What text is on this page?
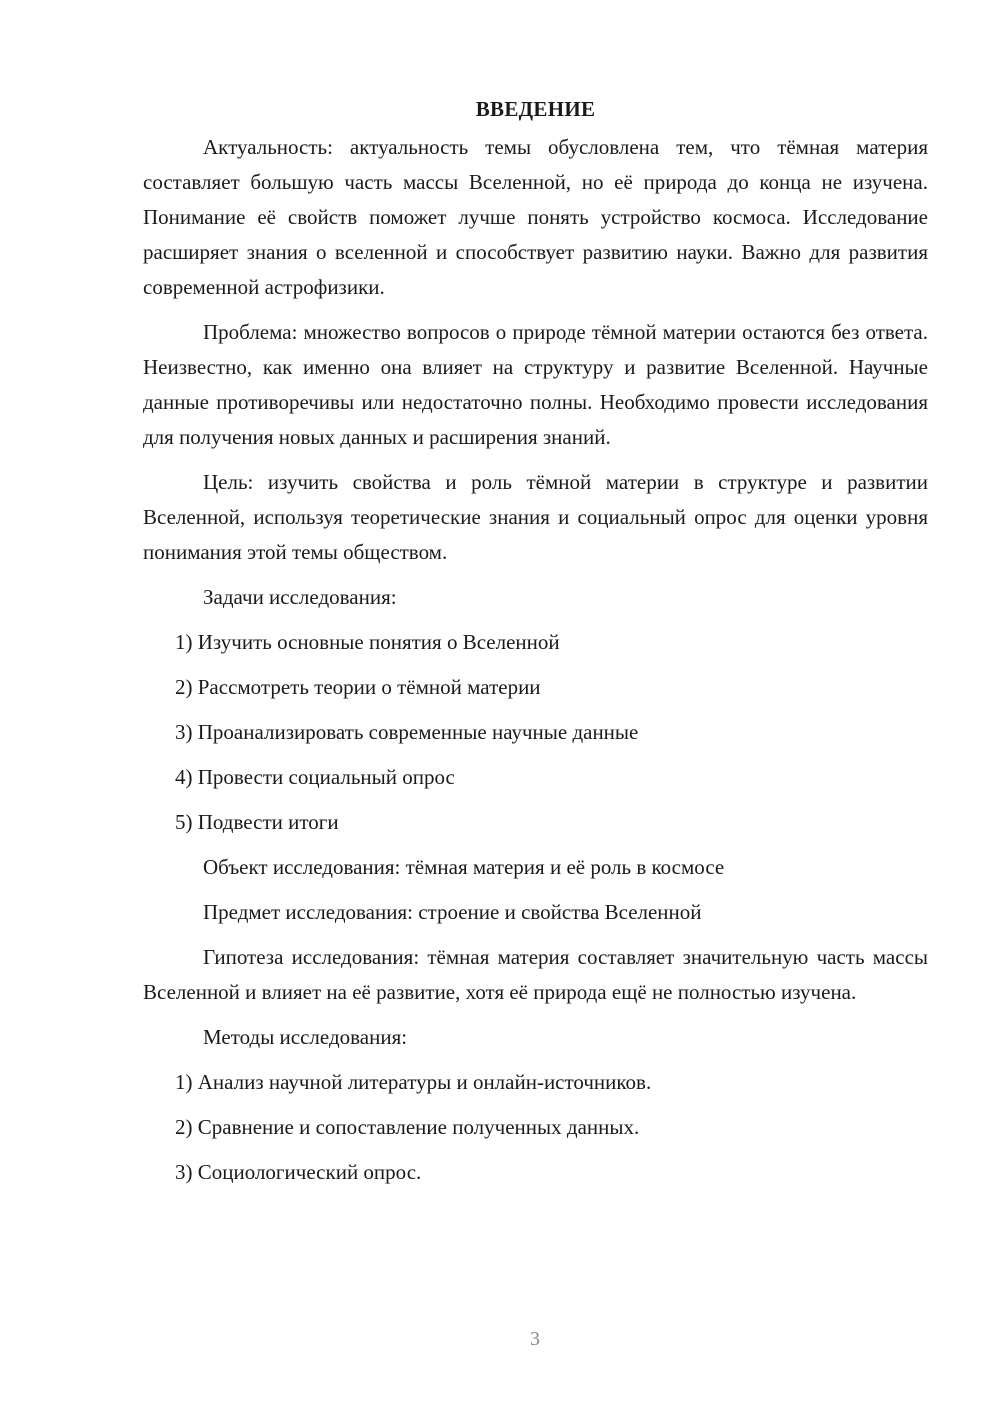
ВВЕДЕНИЕ

Актуальность: актуальность темы обусловлена тем, что тёмная материя составляет большую часть массы Вселенной, но её природа до конца не изучена. Понимание её свойств поможет лучше понять устройство космоса. Исследование расширяет знания о вселенной и способствует развитию науки. Важно для развития современной астрофизики.

Проблема: множество вопросов о природе тёмной материи остаются без ответа. Неизвестно, как именно она влияет на структуру и развитие Вселенной. Научные данные противоречивы или недостаточно полны. Необходимо провести исследования для получения новых данных и расширения знаний.

Цель: изучить свойства и роль тёмной материи в структуре и развитии Вселенной, используя теоретические знания и социальный опрос для оценки уровня понимания этой темы обществом.

Задачи исследования:

1) Изучить основные понятия о Вселенной

2) Рассмотреть теории о тёмной материи

3) Проанализировать современные научные данные

4) Провести социальный опрос

5) Подвести итоги

Объект исследования: тёмная материя и её роль в космосе

Предмет исследования: строение и свойства Вселенной

Гипотеза исследования: тёмная материя составляет значительную часть массы Вселенной и влияет на её развитие, хотя её природа ещё не полностью изучена.

Методы исследования:

1) Анализ научной литературы и онлайн-источников.

2) Сравнение и сопоставление полученных данных.

3) Социологический опрос.

3
